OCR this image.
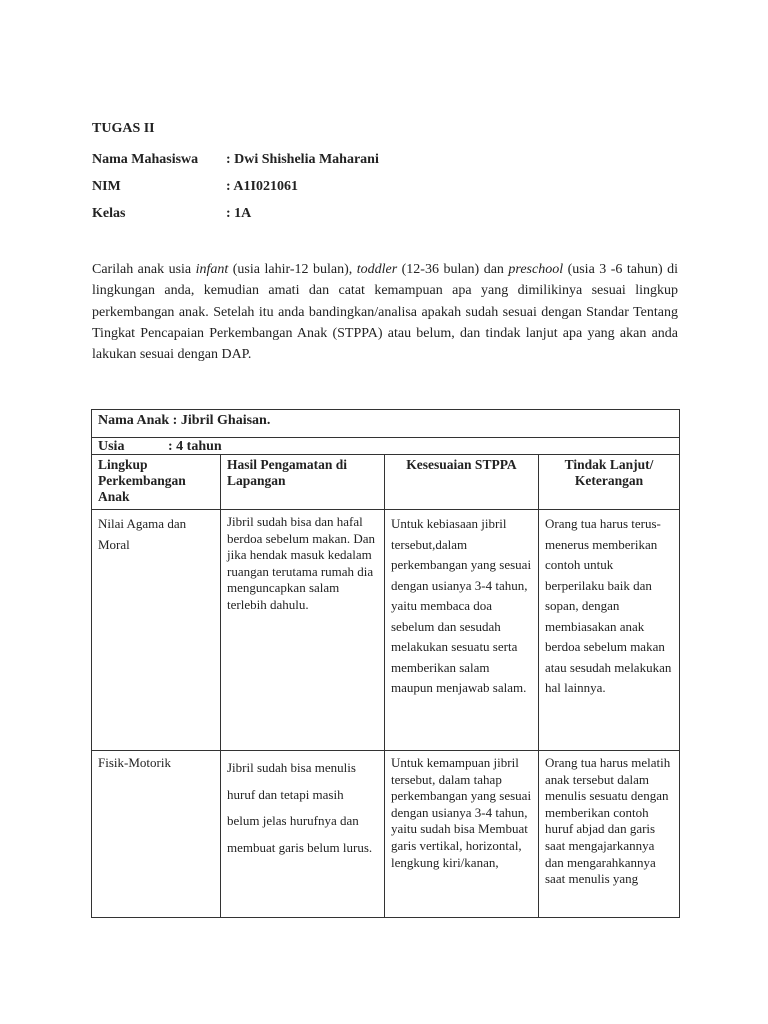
TUGAS II
Nama Mahasiswa	: Dwi Shishelia Maharani
NIM	: A1I021061
Kelas	: 1A
Carilah anak usia infant (usia lahir-12 bulan), toddler (12-36 bulan) dan preschool (usia 3 -6 tahun) di lingkungan anda, kemudian amati dan catat kemampuan apa yang dimilikinya sesuai lingkup perkembangan anak. Setelah itu anda bandingkan/analisa apakah sudah sesuai dengan Standar Tentang Tingkat Pencapaian Perkembangan Anak (STPPA) atau belum, dan tindak lanjut apa yang akan anda lakukan sesuai dengan DAP.
Nama Anak : Jibril Ghaisan.			
Usia : 4 tahun			
Lingkup Perkembangan Anak	Hasil Pengamatan di Lapangan	Kesesuaian STPPA	Tindak Lanjut/ Keterangan
Nilai Agama dan Moral	Jibril sudah bisa dan hafal berdoa sebelum makan. Dan jika hendak masuk kedalam ruangan terutama rumah dia menguncapkan salam terlebih dahulu.	Untuk kebiasaan jibril tersebut,dalam perkembangan yang sesuai dengan usianya 3-4 tahun, yaitu membaca doa sebelum dan sesudah melakukan sesuatu serta memberikan salam maupun menjawab salam.	Orang tua harus terus-menerus memberikan contoh untuk berperilaku baik dan sopan, dengan membiasakan anak berdoa sebelum makan atau sesudah melakukan hal lainnya.
Fisik-Motorik	Jibril sudah bisa menulis huruf dan tetapi masih belum jelas hurufnya dan membuat garis belum lurus.	Untuk kemampuan jibril tersebut, dalam tahap perkembangan yang sesuai dengan usianya 3-4 tahun, yaitu sudah bisa Membuat garis vertikal, horizontal, lengkung kiri/kanan,	Orang tua harus melatih anak tersebut dalam menulis sesuatu dengan memberikan contoh huruf abjad dan garis saat mengajarkannya dan mengarahkannya saat menulis yang
